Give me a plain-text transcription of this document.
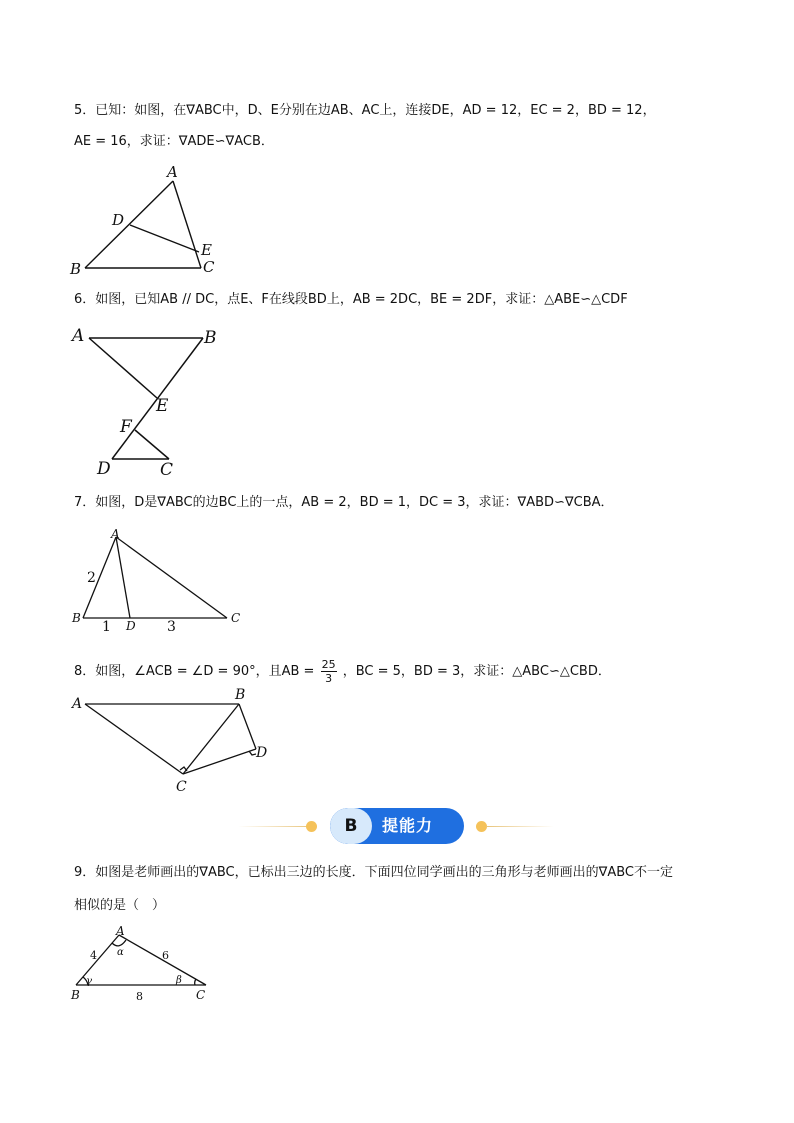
5．已知：如图，在∇ABC中，D、E分别在边AB、AC上，连接DE，AD = 12，EC = 2，BD = 12，
AE = 16，求证：∇ADE∽∇ACB．
A
B	C
D
E
6．如图，已知AB // DC，点E、F在线段BD上，AB = 2DC，BE = 2DF，求证：△ABE∽△CDF
A	B
E
F
D	C
7．如图，D是∇ABC的边BC上的一点，AB = 2，BD = 1，DC = 3，求证：∇ABD∽∇CBA．
A
B
D
C
2
1	3
8．如图，∠ACB = ∠D = 90°，且AB = $\frac{25}{3}$ ，BC = 5，BD = 3，求证：△ABC∽△CBD．
A
B
C
D
B	提能力
9．如图是老师画出的∇ABC，已标出三边的长度．下面四位同学画出的三角形与老师画出的∇ABC不一定
相似的是（　）
A
B	C
4	6
8
α
β
γ
